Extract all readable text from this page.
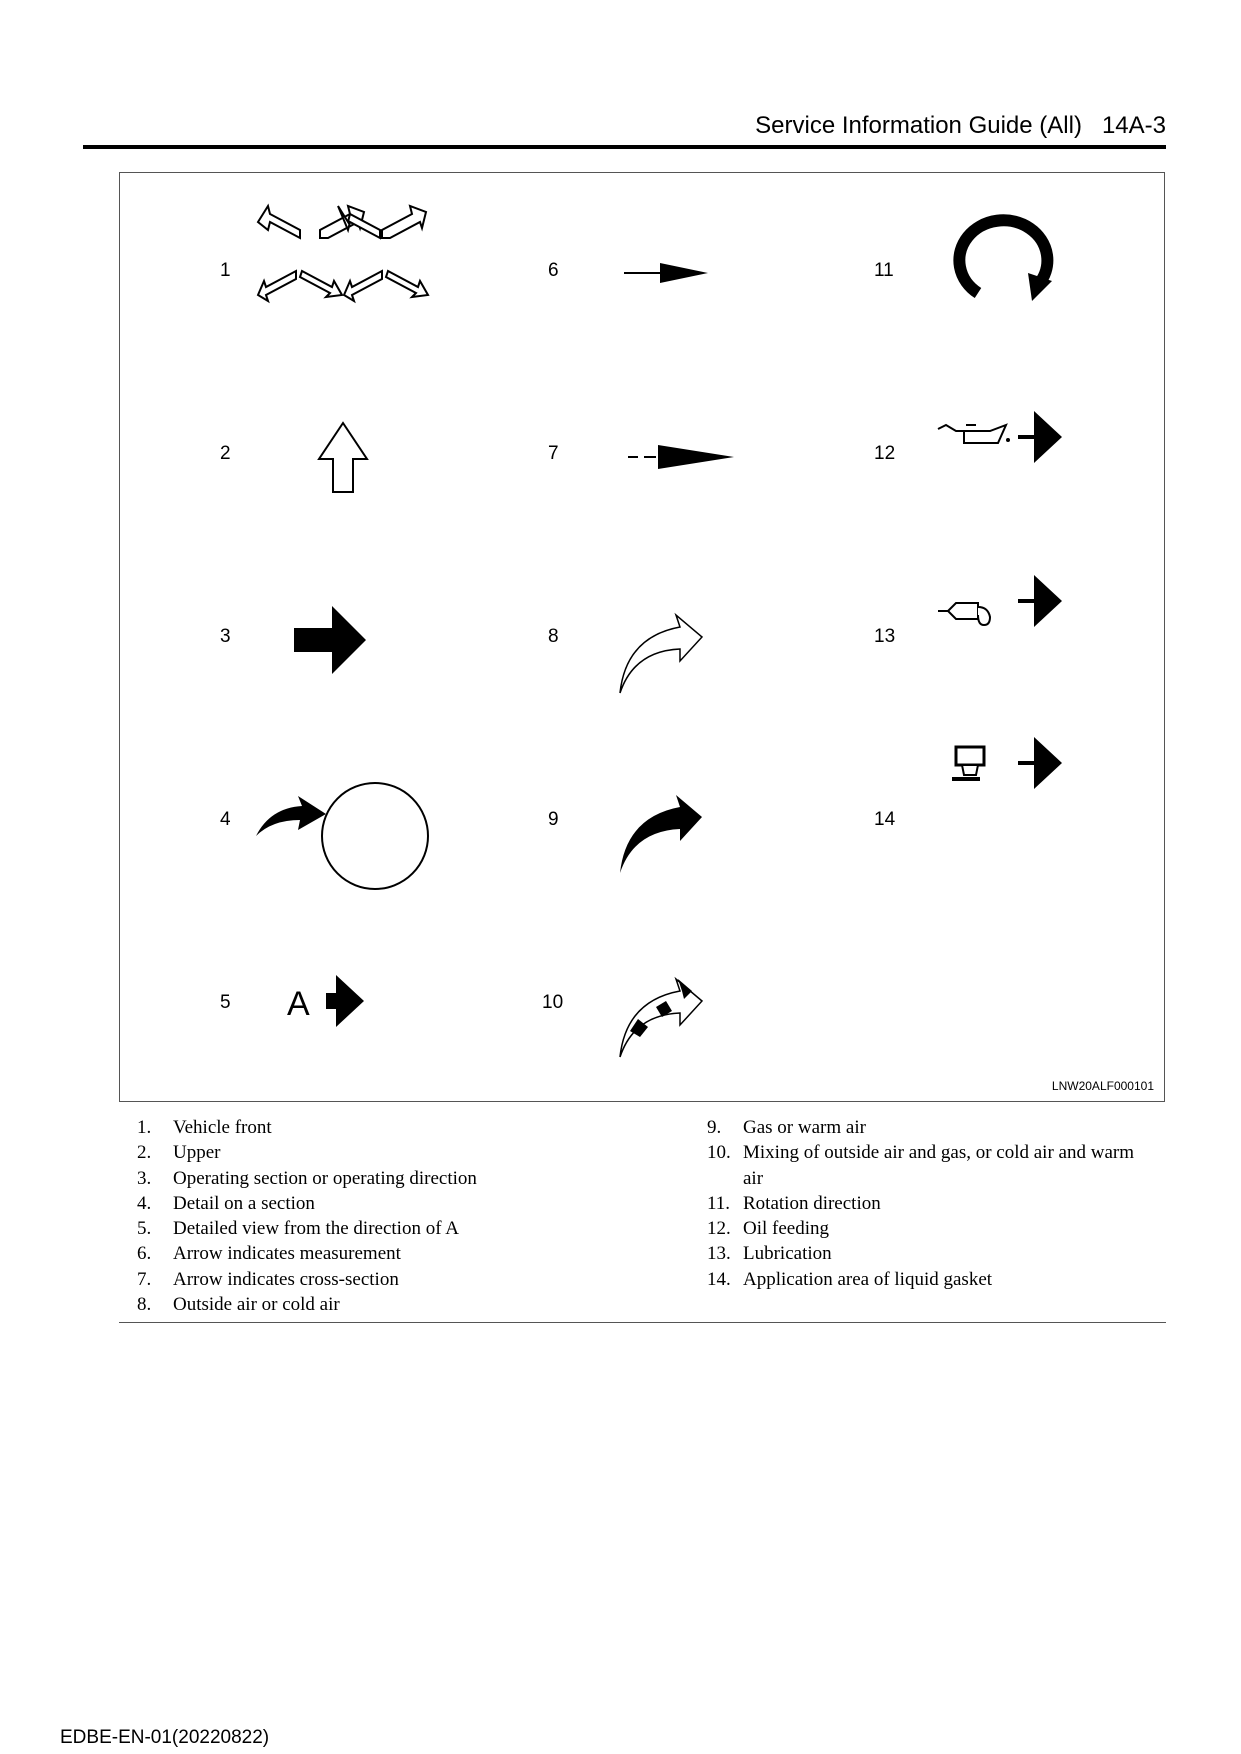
Service Information Guide (All) 14A-3
A
1
2
3
4
5
6
7
8
9
10
11
12
13
14
LNW20ALF000101
1.	Vehicle front
2.	Upper
3.	Operating section or operating direction
4.	Detail on a section
5.	Detailed view from the direction of A
6.	Arrow indicates measurement
7.	Arrow indicates cross-section
8.	Outside air or cold air
9.	Gas or warm air
10. Mixing of outside air and gas, or cold air and warm air
11. Rotation direction
12. Oil feeding
13. Lubrication
14. Application area of liquid gasket
EDBE-EN-01(20220822)
